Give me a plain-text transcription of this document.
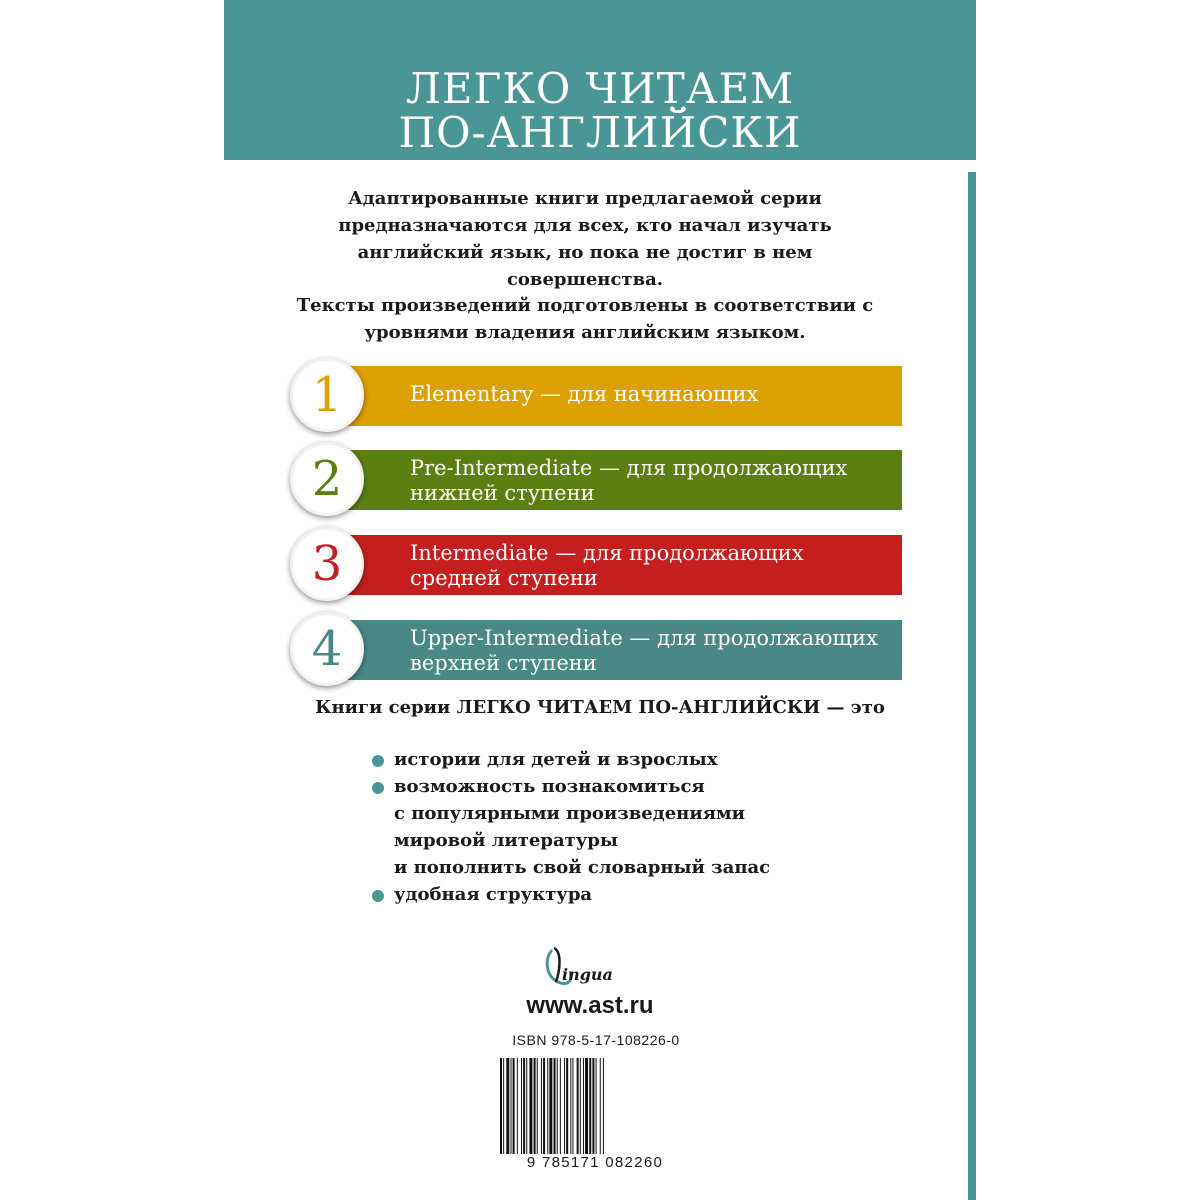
ЛЕГКО ЧИТАЕМ
ПО-АНГЛИЙСКИ
Адаптированные книги предлагаемой серии предназначаются для всех, кто начал изучать английский язык, но пока не достиг в нем совершенства.
Тексты произведений подготовлены в соответствии с уровнями владения английским языком.
Elementary — для начинающих
1
Pre-Intermediate — для продолжающих
нижней ступени
2
Intermediate — для продолжающих
средней ступени
3
Upper-Intermediate — для продолжающих
верхней ступени
4
Книги серии ЛЕГКО ЧИТАЕМ ПО-АНГЛИЙСКИ — это
истории для детей и взрослых
возможность познакомиться
с популярными произведениями
мировой литературы
и пополнить свой словарный запас
удобная структура
ingua
www.ast.ru
ISBN 978-5-17-108226-0
9 785171 082260
